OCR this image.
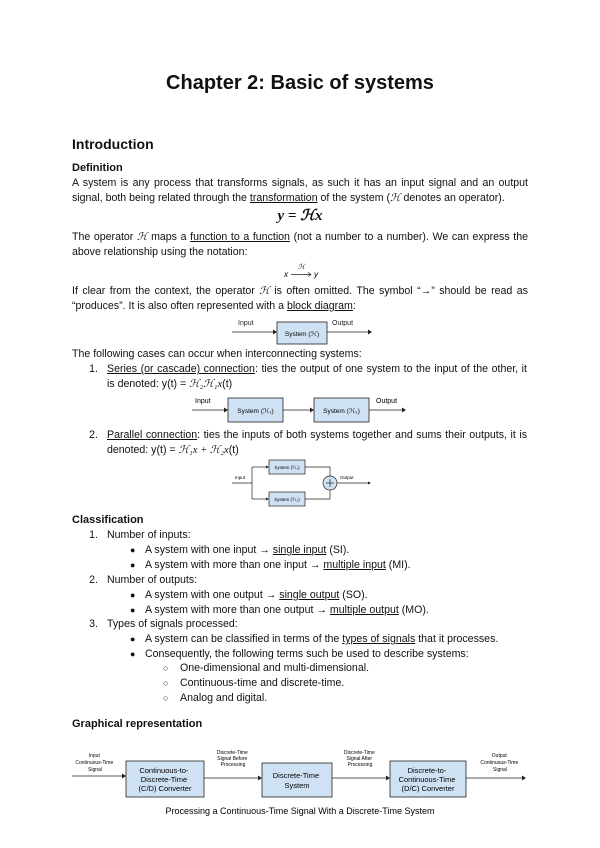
Chapter 2: Basic of systems
Introduction
Definition
A system is any process that transforms signals, as such it has an input signal and an output signal, both being related through the transformation of the system (ℋ denotes an operator).
y = ℋx
The operator ℋ maps a function to a function (not a number to a number). We can express the above relationship using the notation:
x
ℋ
y
If clear from the context, the operator ℋ is often omitted. The symbol “→” should be read as “produces”. It is also often represented with a block diagram:
Input
System (ℋ)
Output
The following cases can occur when interconnecting systems:
1. Series (or cascade) connection: ties the output of one system to the input of the other, it is denoted: y(t) = ℋ₂ℋ₁x(t)
Input
System (ℋ₁)	System (ℋ₂)
Output
2. Parallel connection: ties the inputs of both systems together and sums their outputs, it is denoted: y(t) = ℋ₁x + ℋ₂x(t)
Input
System (ℋ₁)
System (ℋ₂)
Output
Classification
1. Number of inputs:
● A system with one input → single input (SI).
● A system with more than one input → multiple input (MI).
2. Number of outputs:
● A system with one output → single output (SO).
● A system with more than one output → multiple output (MO).
3. Types of signals processed:
● A system can be classified in terms of the types of signals that it processes.
● Consequently, the following terms such be used to describe systems:
○ One-dimensional and multi-dimensional.
○ Continuous-time and discrete-time.
○ Analog and digital.
Graphical representation
Input Continuous-Time Signal	Continuous-to- Discrete-Time (C/D) Converter
Discrete-Time Signal Before Processing
Discrete-Time System
Discrete-Time Signal After Processing
Discrete-to- Continuous-Time (D/C) Converter
Output Continuous-Time Signal
Processing a Continuous-Time Signal With a Discrete-Time System
